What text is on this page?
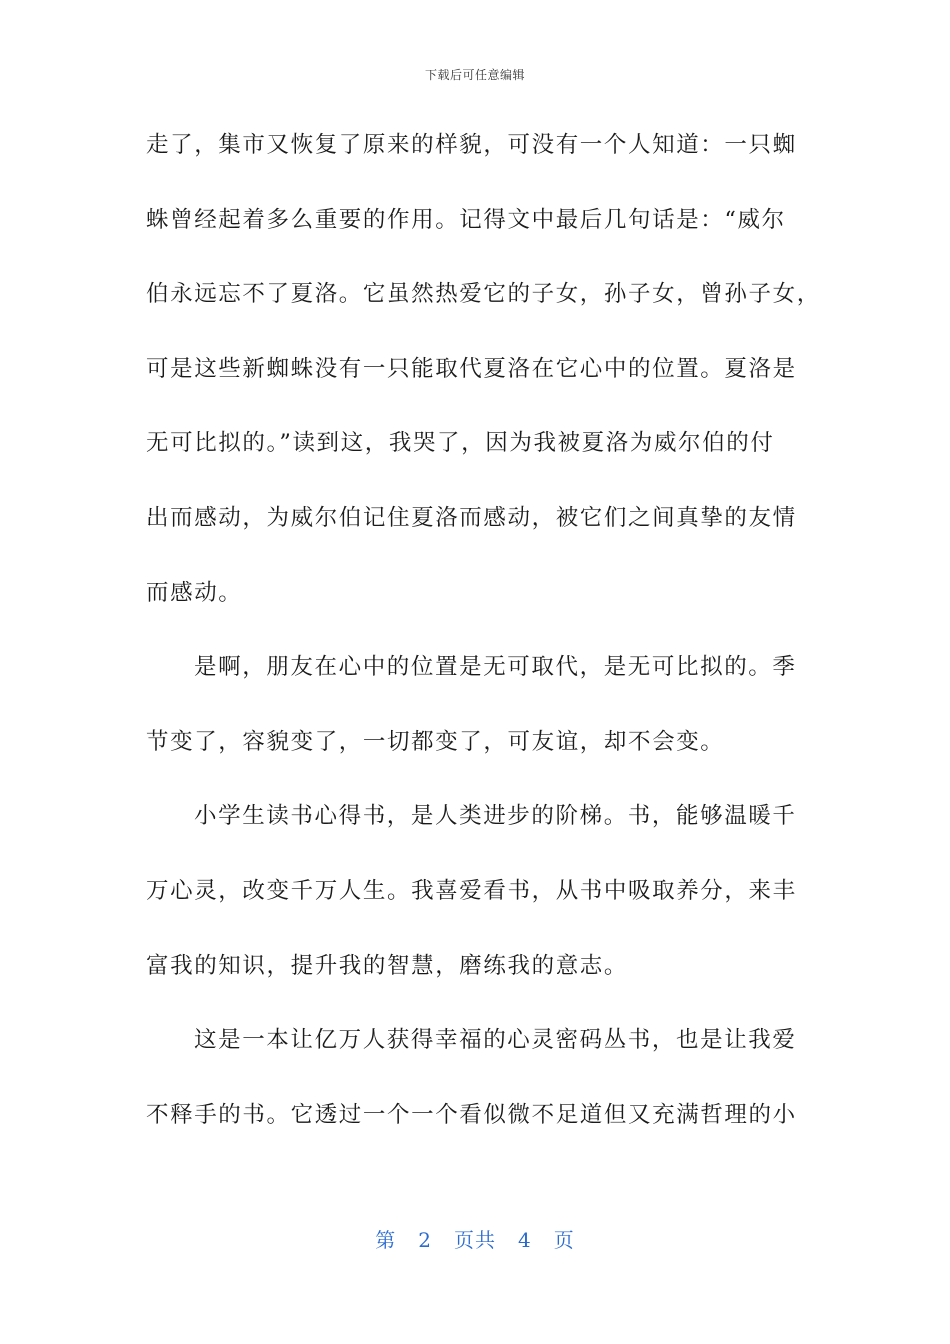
下载后可任意编辑
走了，集市又恢复了原来的样貌，可没有一个人知道：一只蜘
蛛曾经起着多么重要的作用。记得文中最后几句话是：“威尔
伯永远忘不了夏洛。它虽然热爱它的子女，孙子女，曾孙子女，
可是这些新蜘蛛没有一只能取代夏洛在它心中的位置。夏洛是
无可比拟的。”读到这，我哭了，因为我被夏洛为威尔伯的付
出而感动，为威尔伯记住夏洛而感动，被它们之间真挚的友情
而感动。
是啊，朋友在心中的位置是无可取代，是无可比拟的。季
节变了，容貌变了，一切都变了，可友谊，却不会变。
小学生读书心得书，是人类进步的阶梯。书，能够温暖千
万心灵，改变千万人生。我喜爱看书，从书中吸取养分，来丰
富我的知识，提升我的智慧，磨练我的意志。
这是一本让亿万人获得幸福的心灵密码丛书，也是让我爱
不释手的书。它透过一个一个看似微不足道但又充满哲理的小
第 2 页共 4 页
